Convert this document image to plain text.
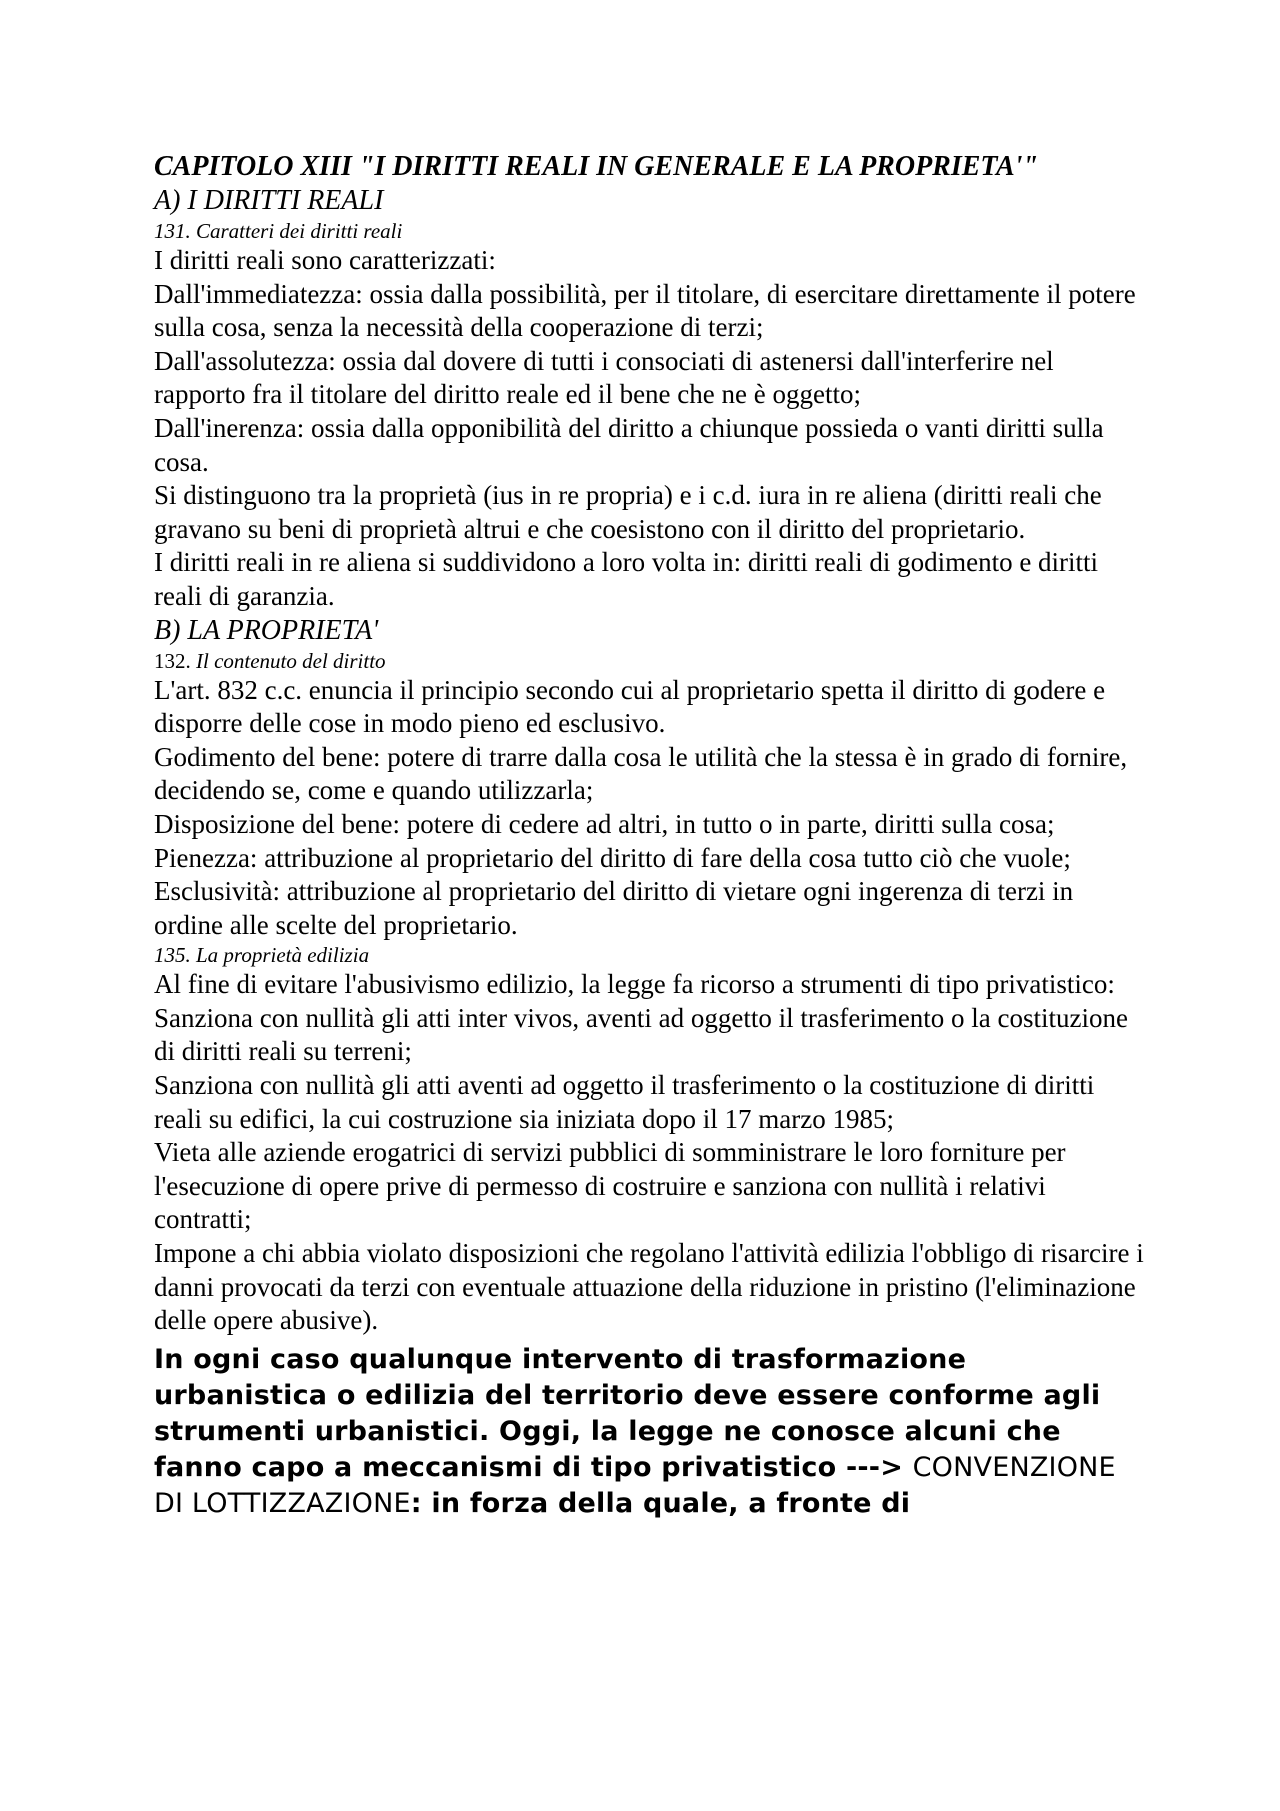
CAPITOLO XIII "I DIRITTI REALI IN GENERALE E LA PROPRIETA'"

A) I DIRITTI REALI

131. Caratteri dei diritti reali

I diritti reali sono caratterizzati:

Dall'immediatezza: ossia dalla possibilità, per il titolare, di esercitare direttamente il potere sulla cosa, senza la necessità della cooperazione di terzi;

Dall'assolutezza: ossia dal dovere di tutti i consociati di astenersi dall'interferire nel rapporto fra il titolare del diritto reale ed il bene che ne è oggetto;

Dall'inerenza: ossia dalla opponibilità del diritto a chiunque possieda o vanti diritti sulla cosa.

Si distinguono tra la proprietà (ius in re propria) e i c.d. iura in re aliena (diritti reali che gravano su beni di proprietà altrui e che coesistono con il diritto del proprietario.

I diritti reali in re aliena si suddividono a loro volta in: diritti reali di godimento e diritti reali di garanzia.

B) LA PROPRIETA'

132. Il contenuto del diritto

L'art. 832 c.c. enuncia il principio secondo cui al proprietario spetta il diritto di godere e disporre delle cose in modo pieno ed esclusivo.

Godimento del bene: potere di trarre dalla cosa le utilità che la stessa è in grado di fornire, decidendo se, come e quando utilizzarla;

Disposizione del bene: potere di cedere ad altri, in tutto o in parte, diritti sulla cosa;

Pienezza: attribuzione al proprietario del diritto di fare della cosa tutto ciò che vuole;

Esclusività: attribuzione al proprietario del diritto di vietare ogni ingerenza di terzi in ordine alle scelte del proprietario.

135. La proprietà edilizia

Al fine di evitare l'abusivismo edilizio, la legge fa ricorso a strumenti di tipo privatistico:

Sanziona con nullità gli atti inter vivos, aventi ad oggetto il trasferimento o la costituzione di diritti reali su terreni;

Sanziona con nullità gli atti aventi ad oggetto il trasferimento o la costituzione di diritti reali su edifici, la cui costruzione sia iniziata dopo il 17 marzo 1985;

Vieta alle aziende erogatrici di servizi pubblici di somministrare le loro forniture per l'esecuzione di opere prive di permesso di costruire e sanziona con nullità i relativi contratti;

Impone a chi abbia violato disposizioni che regolano l'attività edilizia l'obbligo di risarcire i danni provocati da terzi con eventuale attuazione della riduzione in pristino (l'eliminazione delle opere abusive).

In ogni caso qualunque intervento di trasformazione urbanistica o edilizia del territorio deve essere conforme agli strumenti urbanistici. Oggi, la legge ne conosce alcuni che fanno capo a meccanismi di tipo privatistico ---> CONVENZIONE DI LOTTIZZAZIONE: in forza della quale, a fronte di
